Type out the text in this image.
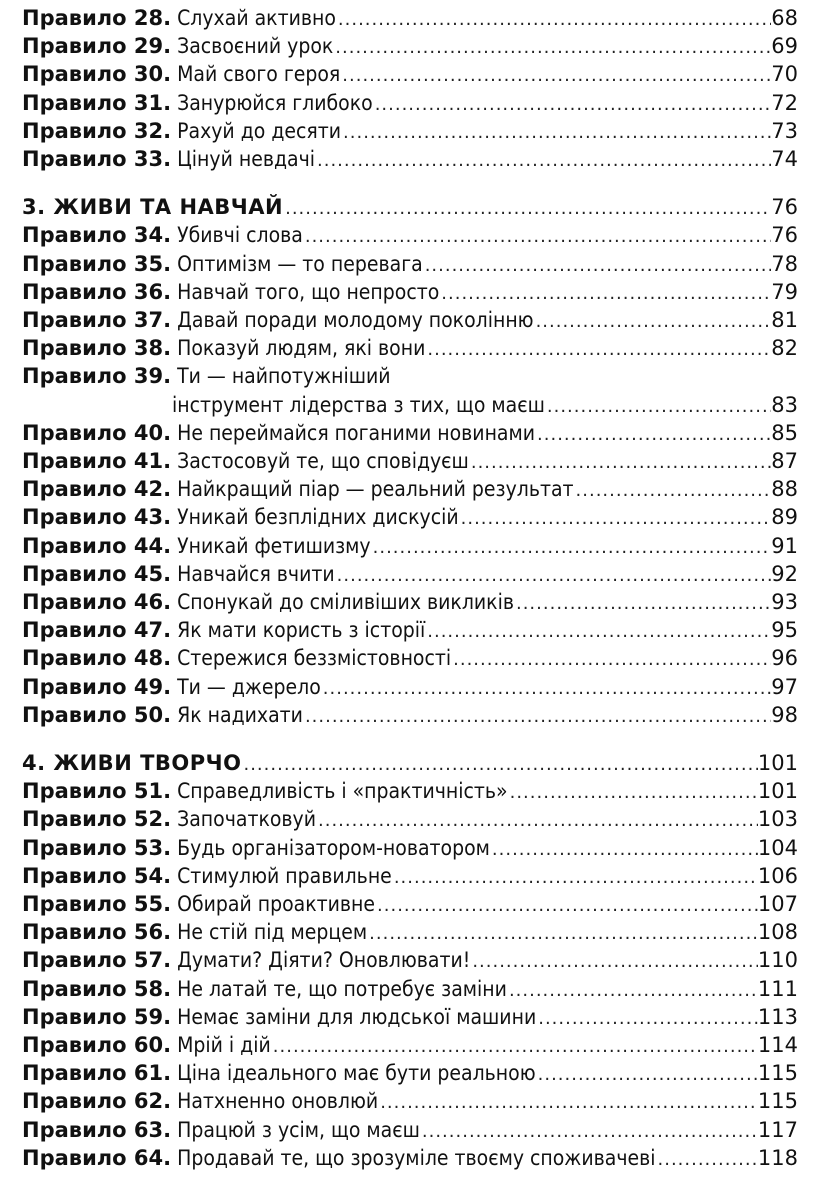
Правило 28. Слухай активно .....	68
Правило 29. Засвоєний урок .....	69
Правило 30. Май свого героя .....	70
Правило 31. Занурюйся глибоко .....	72
Правило 32. Рахуй до десяти .....	73
Правило 33. Цінуй невдачі .....	74
3. ЖИВИ ТА НАВЧАЙ .....	76
Правило 34. Убивчі слова .....	76
Правило 35. Оптимізм — то перевага .....	78
Правило 36. Навчай того, що непросто .....	79
Правило 37. Давай поради молодому поколінню .....	81
Правило 38. Показуй людям, які вони .....	82
Правило 39. Ти — найпотужніший
інструмент лідерства з тих, що маєш .....	83
Правило 40. Не переймайся поганими новинами .....	85
Правило 41. Застосовуй те, що сповідуєш .....	87
Правило 42. Найкращий піар — реальний результат .....	88
Правило 43. Уникай безплідних дискусій .....	89
Правило 44. Уникай фетишизму .....	91
Правило 45. Навчайся вчити .....	92
Правило 46. Спонукай до сміливіших викликів .....	93
Правило 47. Як мати користь з історії .....	95
Правило 48. Стережися беззмістовності .....	96
Правило 49. Ти — джерело .....	97
Правило 50. Як надихати .....	98
4. ЖИВИ ТВОРЧО .....	101
Правило 51. Справедливість і «практичність» .....	101
Правило 52. Започатковуй .....	103
Правило 53. Будь організатором-новатором .....	104
Правило 54. Стимулюй правильне .....	106
Правило 55. Обирай проактивне .....	107
Правило 56. Не стій під мерцем .....	108
Правило 57. Думати? Діяти? Оновлювати! .....	110
Правило 58. Не латай те, що потребує заміни .....	111
Правило 59. Немає заміни для людської машини .....	113
Правило 60. Мрій і дій .....	114
Правило 61. Ціна ідеального має бути реальною .....	115
Правило 62. Натхненно оновлюй .....	115
Правило 63. Працюй з усім, що маєш .....	117
Правило 64. Продавай те, що зрозуміле твоєму споживачеві .....	118
